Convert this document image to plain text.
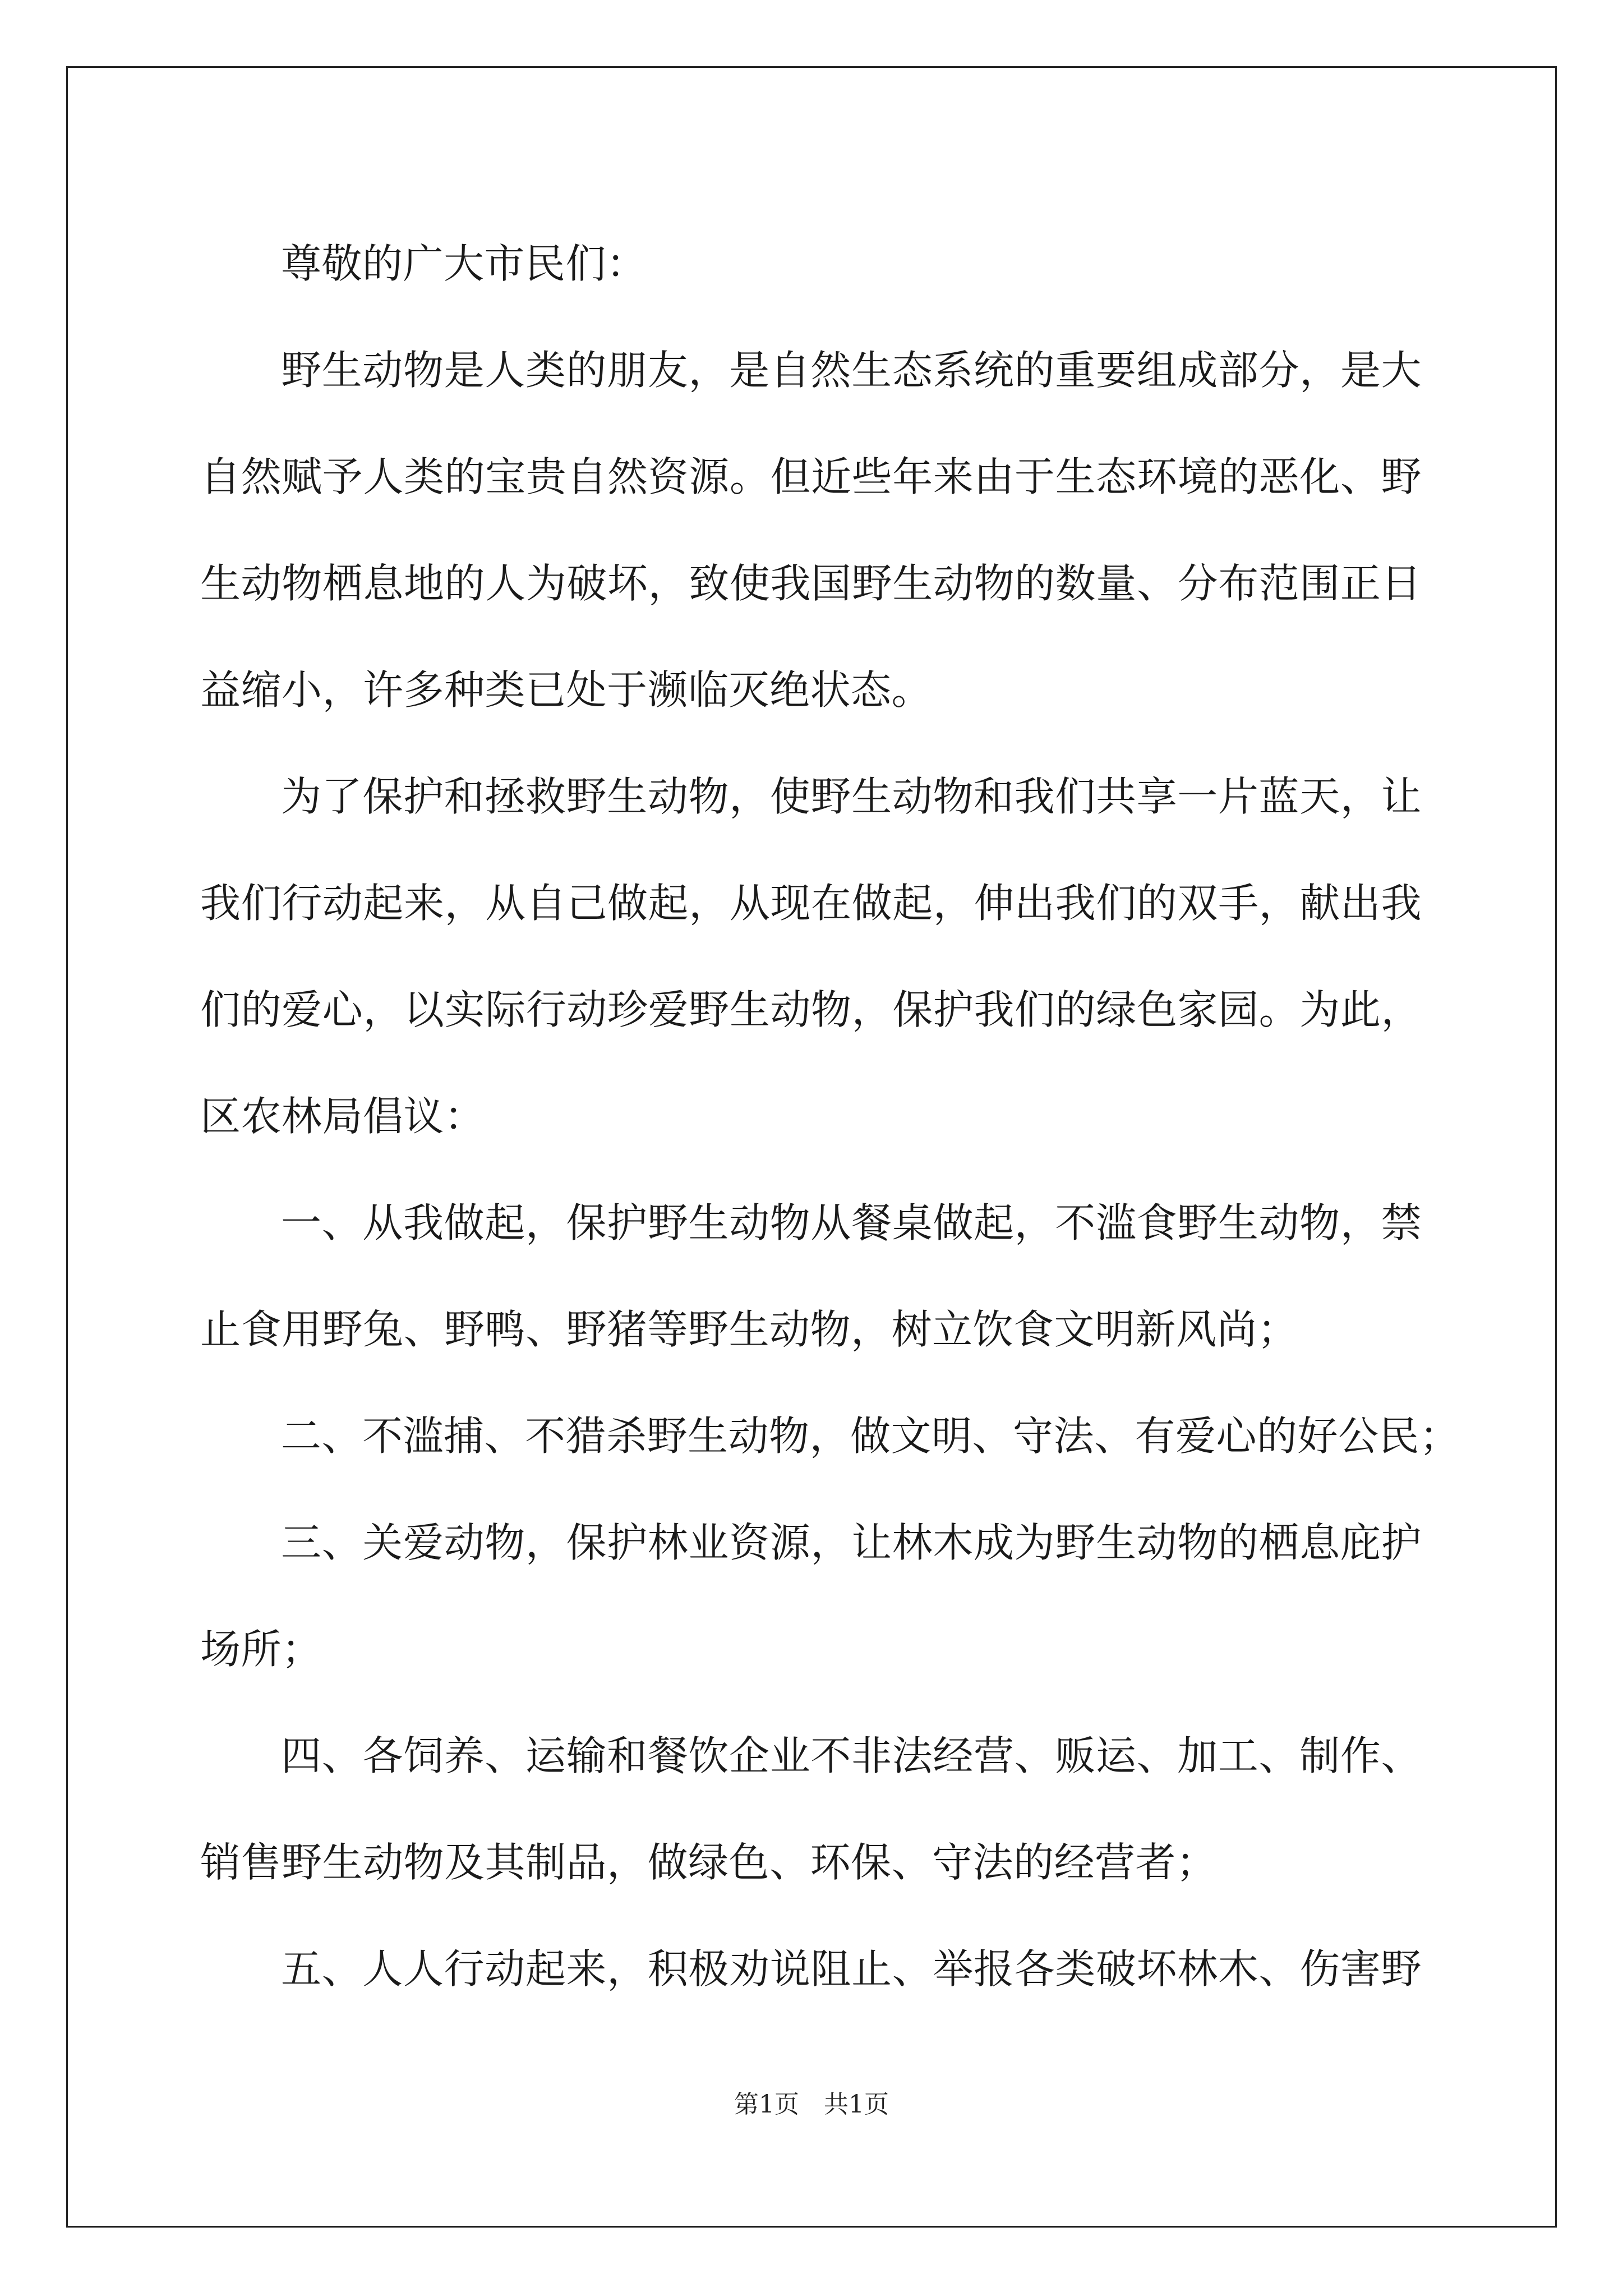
尊敬的广大市民们：
野生动物是人类的朋友，是自然生态系统的重要组成部分，是大
自然赋予人类的宝贵自然资源。但近些年来由于生态环境的恶化、野
生动物栖息地的人为破坏，致使我国野生动物的数量、分布范围正日
益缩小，许多种类已处于濒临灭绝状态。
为了保护和拯救野生动物，使野生动物和我们共享一片蓝天，让
我们行动起来，从自己做起，从现在做起，伸出我们的双手，献出我
们的爱心，以实际行动珍爱野生动物，保护我们的绿色家园。为此，
区农林局倡议：
一、从我做起，保护野生动物从餐桌做起，不滥食野生动物，禁
止食用野兔、野鸭、野猪等野生动物，树立饮食文明新风尚；
二、不滥捕、不猎杀野生动物，做文明、守法、有爱心的好公民；
三、关爱动物，保护林业资源，让林木成为野生动物的栖息庇护
场所；
四、各饲养、运输和餐饮企业不非法经营、贩运、加工、制作、
销售野生动物及其制品，做绿色、环保、守法的经营者；
五、人人行动起来，积极劝说阻止、举报各类破坏林木、伤害野
第1页　共1页
